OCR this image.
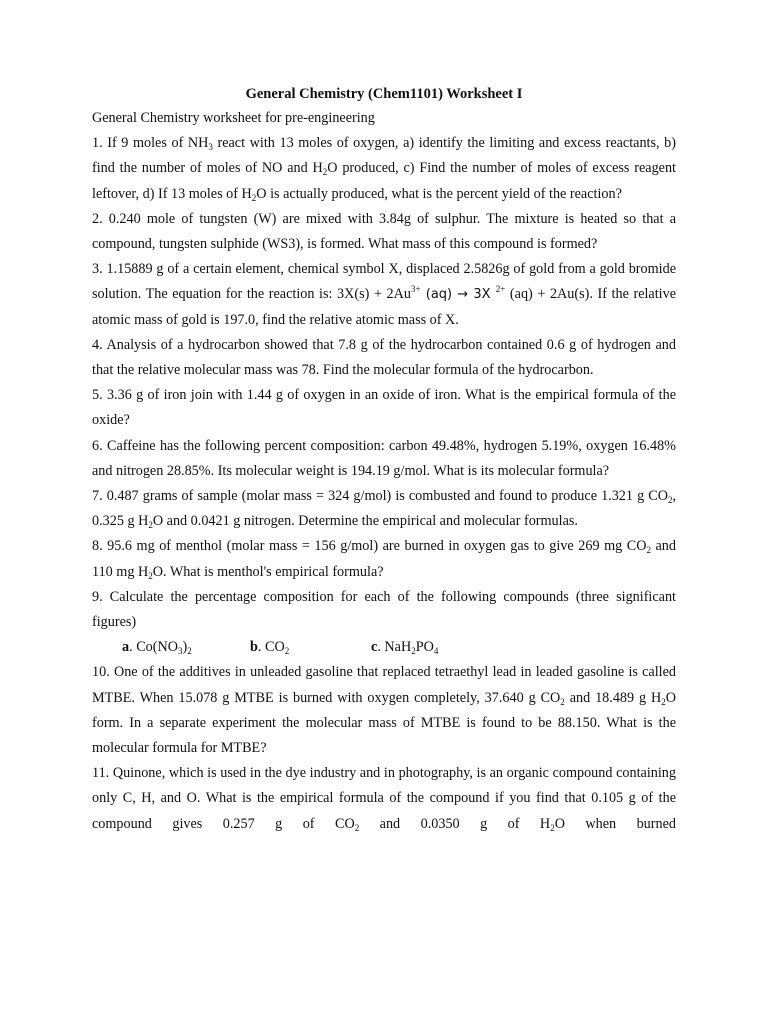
General Chemistry (Chem1101) Worksheet I

General Chemistry worksheet for pre-engineering

1. If 9 moles of $NH_3$ react with 13 moles of oxygen, a) identify the limiting and excess reactants, b) find the number of moles of NO and $H_2O$ produced, c) Find the number of moles of excess reagent leftover, d) If 13 moles of $H_2O$ is actually produced, what is the percent yield of the reaction?

2. 0.240 mole of tungsten (W) are mixed with 3.84g of sulphur. The mixture is heated so that a compound, tungsten sulphide (WS3), is formed. What mass of this compound is formed?

3. 1.15889 g of a certain element, chemical symbol X, displaced 2.5826g of gold from a gold bromide solution. The equation for the reaction is: $3X(s) + 2Au^{3+}$ (aq) → 3X $^{2+}$ (aq) + 2Au(s). If the relative atomic mass of gold is 197.0, find the relative atomic mass of X.

4. Analysis of a hydrocarbon showed that 7.8 g of the hydrocarbon contained 0.6 g of hydrogen and that the relative molecular mass was 78. Find the molecular formula of the hydrocarbon.

5. 3.36 g of iron join with 1.44 g of oxygen in an oxide of iron. What is the empirical formula of the oxide?

6. Caffeine has the following percent composition: carbon 49.48%, hydrogen 5.19%, oxygen 16.48% and nitrogen 28.85%. Its molecular weight is 194.19 g/mol. What is its molecular formula?

7. 0.487 grams of sample (molar mass = 324 g/mol) is combusted and found to produce 1.321 g $CO_2$, 0.325 g $H_2O$ and 0.0421 g nitrogen. Determine the empirical and molecular formulas.

8. 95.6 mg of menthol (molar mass = 156 g/mol) are burned in oxygen gas to give 269 mg $CO_2$ and 110 mg $H_2O$. What is menthol's empirical formula?

9. Calculate the percentage composition for each of the following compounds (three significant figures)

a. $Co(NO_3)_2$	b. $CO_2$	c. $NaH_2PO_4$

10. One of the additives in unleaded gasoline that replaced tetraethyl lead in leaded gasoline is called MTBE. When 15.078 g MTBE is burned with oxygen completely, 37.640 g $CO_2$ and 18.489 g $H_2O$ form. In a separate experiment the molecular mass of MTBE is found to be 88.150. What is the molecular formula for MTBE?

11. Quinone, which is used in the dye industry and in photography, is an organic compound containing only C, H, and O. What is the empirical formula of the compound if you find that 0.105 g of the compound gives 0.257 g of $CO_2$ and 0.0350 g of $H_2O$ when burned
